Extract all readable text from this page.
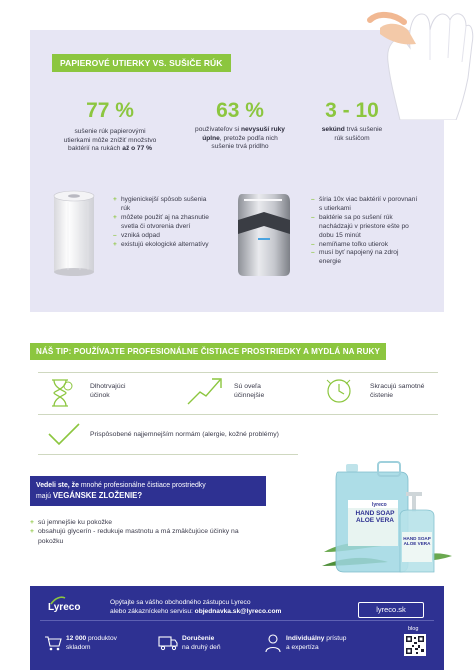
PAPIEROVÉ UTIERKY VS. SUŠIČE RÚK
77 %
sušenie rúk papierovými
utierkami môže znížiť množstvo
baktérií na rukách až o 77 %
63 %
používateľov si nevysuší ruky
úplne, pretože podľa nich
sušenie trvá pridlho
3 - 10
sekúnd trvá sušenie
rúk sušičom
+ hygienickejší spôsob sušenia rúk
+ môžete použiť aj na zhasnutie svetla či otvorenia dverí
– vzniká odpad
+ existujú ekologické alternatívy
– šíria 10x viac baktérií v porovnaní s utierkami
– baktérie sa po sušení rúk nachádzajú v priestore ešte po dobu 15 minút
– nemíňame toľko utierok
– musí byť napojený na zdroj energie
NÁŠ TIP: POUŽÍVAJTE PROFESIONÁLNE ČISTIACE PROSTRIEDKY A MYDLÁ NA RUKY
Dlhotrvajúci
účinok
Sú oveľa
účinnejšie
Skracujú samotné
čistenie
Prispôsobené najjemnejším normám (alergie, kožné problémy)
Vedeli ste, že mnohé profesionálne čistiace prostriedky
majú VEGÁNSKE ZLOŽENIE?
+ sú jemnejšie ku pokožke
+ obsahujú glycerín - redukuje mastnotu a má zmäkčujúce účinky na pokožku
lyreco
HAND SOAP
ALOE VERA
HAND SOAP
ALOE VERA
Lyreco	Opýtajte sa vášho obchodného zástupcu Lyreco
alebo zákazníckeho servisu: objednavka.sk@lyreco.com	lyreco.sk
12 000 produktov
skladom
Doručenie
na druhý deň
Individuálny prístup
a expertíza
blog
